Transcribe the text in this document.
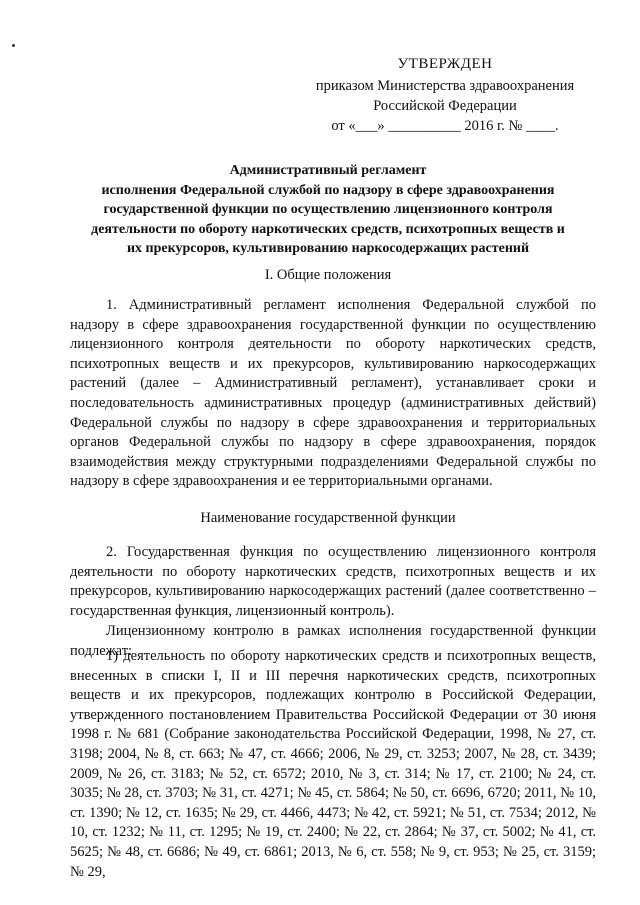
УТВЕРЖДЕН
приказом Министерства здравоохранения
Российской Федерации
от «___» __________ 2016 г. № ____.
Административный регламент
исполнения Федеральной службой по надзору в сфере здравоохранения
государственной функции по осуществлению лицензионного контроля
деятельности по обороту наркотических средств, психотропных веществ и
их прекурсоров, культивированию наркосодержащих растений
I. Общие положения
1. Административный регламент исполнения Федеральной службой по надзору в сфере здравоохранения государственной функции по осуществлению лицензионного контроля деятельности по обороту наркотических средств, психотропных веществ и их прекурсоров, культивированию наркосодержащих растений (далее – Административный регламент), устанавливает сроки и последовательность административных процедур (административных действий) Федеральной службы по надзору в сфере здравоохранения и территориальных органов Федеральной службы по надзору в сфере здравоохранения, порядок взаимодействия между структурными подразделениями Федеральной службы по надзору в сфере здравоохранения и ее территориальными органами.
Наименование государственной функции
2. Государственная функция по осуществлению лицензионного контроля деятельности по обороту наркотических средств, психотропных веществ и их прекурсоров, культивированию наркосодержащих растений (далее соответственно – государственная функция, лицензионный контроль).
Лицензионному контролю в рамках исполнения государственной функции подлежат:
1) деятельность по обороту наркотических средств и психотропных веществ, внесенных в списки I, II и III перечня наркотических средств, психотропных веществ и их прекурсоров, подлежащих контролю в Российской Федерации, утвержденного постановлением Правительства Российской Федерации от 30 июня 1998 г. № 681 (Собрание законодательства Российской Федерации, 1998, № 27, ст. 3198; 2004, № 8, ст. 663; № 47, ст. 4666; 2006, № 29, ст. 3253; 2007, № 28, ст. 3439; 2009, № 26, ст. 3183; № 52, ст. 6572; 2010, № 3, ст. 314; № 17, ст. 2100; № 24, ст. 3035; № 28, ст. 3703; № 31, ст. 4271; № 45, ст. 5864; № 50, ст. 6696, 6720; 2011, № 10, ст. 1390; № 12, ст. 1635; № 29, ст. 4466, 4473; № 42, ст. 5921; № 51, ст. 7534; 2012, № 10, ст. 1232; № 11, ст. 1295; № 19, ст. 2400; № 22, ст. 2864; № 37, ст. 5002; № 41, ст. 5625; № 48, ст. 6686; № 49, ст. 6861; 2013, № 6, ст. 558; № 9, ст. 953; № 25, ст. 3159; № 29,
